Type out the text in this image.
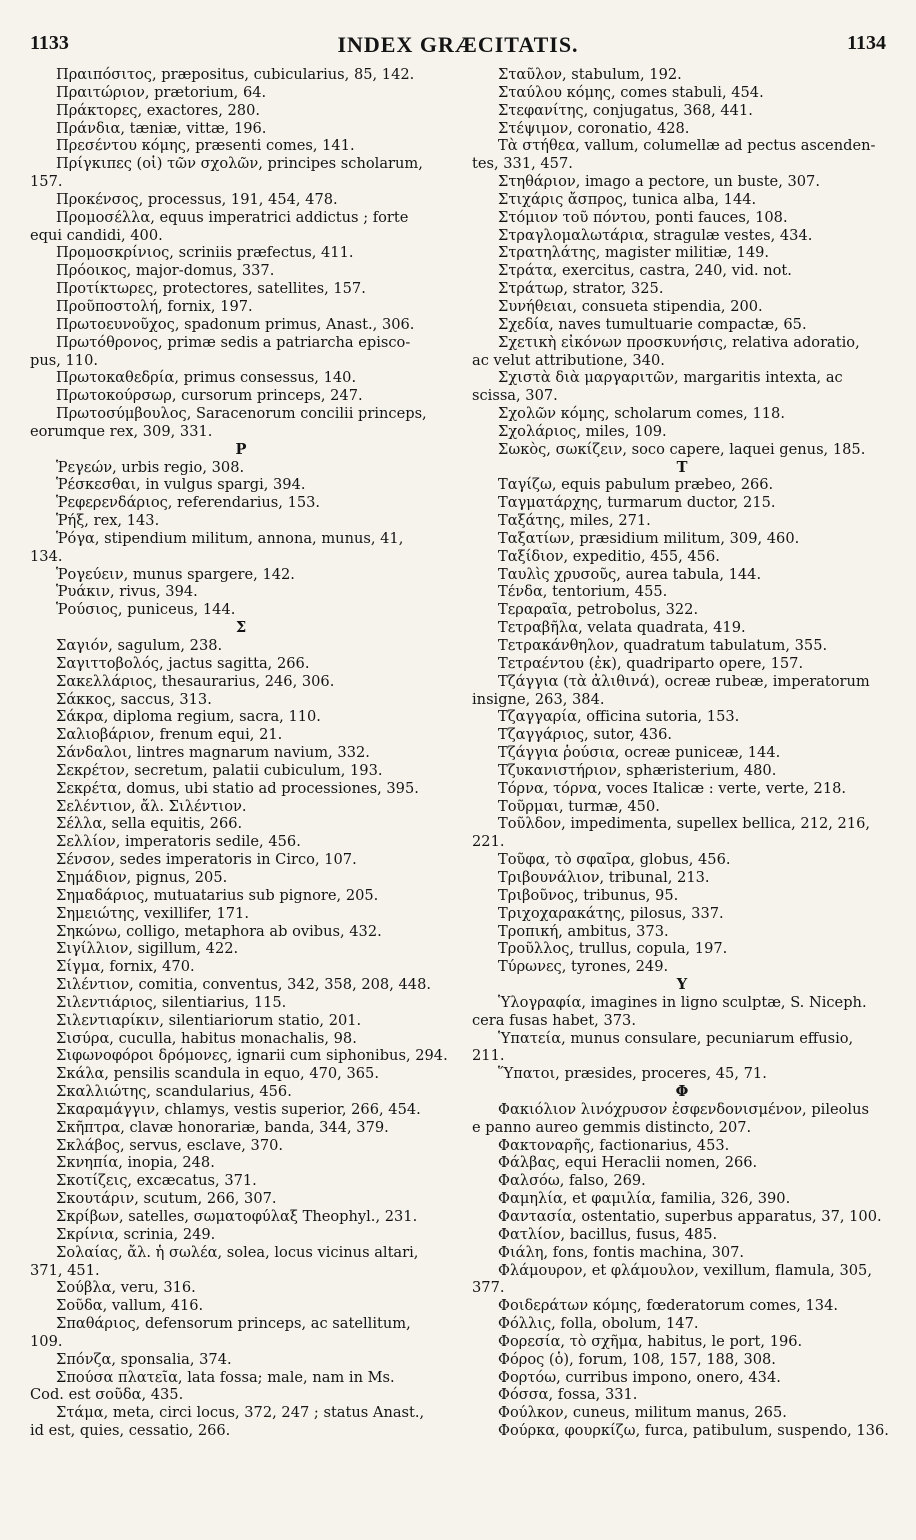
1133	INDEX GRÆCITATIS.	1134
Πραιπόσιτος, præpositus, cubicularius, 85, 142.
Πραιτώριον, prætorium, 64.
Πράκτορες, exactores, 280.
Πράνδια, tæniæ, vittæ, 196.
Πρεσέντου κόμης, præsenti comes, 141.
Πρίγκιπες (οἱ) τῶν σχολῶν, principes scholarum,
157.
Προκένσος, processus, 191, 454, 478.
Προμοσέλλα, equus imperatrici addictus ; forte
equi candidi, 400.
Προμοσκρίνιος, scriniis præfectus, 411.
Πρόοικος, major-domus, 337.
Προτίκτωρες, protectores, satellites, 157.
Προῦποστολή, fornix, 197.
Πρωτοευνοῦχος, spadonum primus, Anast., 306.
Πρωτόθρονος, primæ sedis a patriarcha episco-
pus, 110.
Πρωτοκαθεδρία, primus consessus, 140.
Πρωτοκούρσωρ, cursorum princeps, 247.
Πρωτοσύμβουλος, Saracenorum concilii princeps,
eorumque rex, 309, 331.
P
Ῥεγεών, urbis regio, 308.
Ῥέσκεσθαι, in vulgus spargi, 394.
Ῥεφερενδάριος, referendarius, 153.
Ῥήξ, rex, 143.
Ῥόγα, stipendium militum, annona, munus, 41,
134.
Ῥογεύειν, munus spargere, 142.
Ῥυάκιν, rivus, 394.
Ῥούσιος, puniceus, 144.
Σ
Σαγιόν, sagulum, 238.
Σαγιττοβολός, jactus sagitta, 266.
Σακελλάριος, thesaurarius, 246, 306.
Σάκκος, saccus, 313.
Σάκρα, diploma regium, sacra, 110.
Σαλιοβάριον, frenum equi, 21.
Σάνδαλοι, lintres magnarum navium, 332.
Σεκρέτον, secretum, palatii cubiculum, 193.
Σεκρέτα, domus, ubi statio ad processiones, 395.
Σελέντιον, ἄλ. Σιλέντιον.
Σέλλα, sella equitis, 266.
Σελλίον, imperatoris sedile, 456.
Σένσον, sedes imperatoris in Circo, 107.
Σημάδιον, pignus, 205.
Σημαδάριος, mutuatarius sub pignore, 205.
Σημειώτης, vexillifer, 171.
Σηκώνω, colligo, metaphora ab ovibus, 432.
Σιγίλλιον, sigillum, 422.
Σίγμα, fornix, 470.
Σιλέντιον, comitia, conventus, 342, 358, 208, 448.
Σιλεντιάριος, silentiarius, 115.
Σιλεντιαρίκιν, silentiariorum statio, 201.
Σισύρα, cuculla, habitus monachalis, 98.
Σιφωνοφόροι δρόμονες, ignarii cum siphonibus, 294.
Σκάλα, pensilis scandula in equo, 470, 365.
Σκαλλιώτης, scandularius, 456.
Σκαραμάγγιν, chlamys, vestis superior, 266, 454.
Σκῆπτρα, clavæ honorariæ, banda, 344, 379.
Σκλάβος, servus, esclave, 370.
Σκνηπία, inopia, 248.
Σκοτίζεις, excæcatus, 371.
Σκουτάριν, scutum, 266, 307.
Σκρίβων, satelles, σωματοφύλαξ Theophyl., 231.
Σκρίνια, scrinia, 249.
Σολαίας, ἄλ. ἡ σωλέα, solea, locus vicinus altari,
371, 451.
Σούβλα, veru, 316.
Σοῦδα, vallum, 416.
Σπαθάριος, defensorum princeps, ac satellitum,
109.
Σπόνζα, sponsalia, 374.
Σπούσα πλατεῖα, lata fossa; male, nam in Ms.
Cod. est σοῦδα, 435.
Στάμα, meta, circi locus, 372, 247 ; status Anast.,
id est, quies, cessatio, 266.
Σταῦλον, stabulum, 192.
Σταύλου κόμης, comes stabuli, 454.
Στεφανίτης, conjugatus, 368, 441.
Στέψιμον, coronatio, 428.
Τὰ στήθεα, vallum, columellæ ad pectus ascenden-
tes, 331, 457.
Στηθάριον, imago a pectore, un buste, 307.
Στιχάρις ἄσπρος, tunica alba, 144.
Στόμιον τοῦ πόντου, ponti fauces, 108.
Στραγλομαλωτάρια, stragulæ vestes, 434.
Στρατηλάτης, magister militiæ, 149.
Στράτα, exercitus, castra, 240, vid. not.
Στράτωρ, strator, 325.
Συνήθειαι, consueta stipendia, 200.
Σχεδία, naves tumultuarie compactæ, 65.
Σχετικὴ εἰκόνων προσκυνήσις, relativa adoratio,
ac velut attributione, 340.
Σχιστὰ διὰ μαργαριτῶν, margaritis intexta, ac
scissa, 307.
Σχολῶν κόμης, scholarum comes, 118.
Σχολάριος, miles, 109.
Σωκὸς, σωκίζειν, soco capere, laquei genus, 185.
T
Ταγίζω, equis pabulum præbeo, 266.
Ταγματάρχης, turmarum ductor, 215.
Ταξάτης, miles, 271.
Ταξατίων, præsidium militum, 309, 460.
Ταξίδιον, expeditio, 455, 456.
Ταυλὶς χρυσοῦς, aurea tabula, 144.
Τένδα, tentorium, 455.
Τεραραῖα, petrobolus, 322.
Τετραβῆλα, velata quadrata, 419.
Τετρακάνθηλον, quadratum tabulatum, 355.
Τετραέντου (ἐκ), quadriparto opere, 157.
Τζάγγια (τὰ ἀλιθινά), ocreæ rubeæ, imperatorum
insigne, 263, 384.
Τζαγγαρία, officina sutoria, 153.
Τζαγγάριος, sutor, 436.
Τζάγγια ῥούσια, ocreæ puniceæ, 144.
Τζυκανιστήριον, sphæristerium, 480.
Τόρνα, τόρνα, voces Italicæ : verte, verte, 218.
Τοῦρμαι, turmæ, 450.
Τοῦλδον, impedimenta, supellex bellica, 212, 216,
221.
Τοῦφα, τὸ σφαῖρα, globus, 456.
Τριβουνάλιον, tribunal, 213.
Τριβοῦνος, tribunus, 95.
Τριχοχαρακάτης, pilosus, 337.
Τροπική, ambitus, 373.
Τροῦλλος, trullus, copula, 197.
Τύρωνες, tyrones, 249.
Υ
Ὑλογραφία, imagines in ligno sculptæ, S. Niceph.
cera fusas habet, 373.
Ὑπατεία, munus consulare, pecuniarum effusio,
211.
Ὕπατοι, præsides, proceres, 45, 71.
Φ
Φακιόλιον λινόχρυσον ἐσφενδονισμένον, pileolus
e panno aureo gemmis distincto, 207.
Φακτοναρῆς, factionarius, 453.
Φάλβας, equi Heraclii nomen, 266.
Φαλσόω, falso, 269.
Φαμηλία, et φαμιλία, familia, 326, 390.
Φαντασία, ostentatio, superbus apparatus, 37, 100.
Φατλίον, bacillus, fusus, 485.
Φιάλη, fons, fontis machina, 307.
Φλάμουρον, et φλάμουλον, vexillum, flamula, 305,
377.
Φοιδεράτων κόμης, fœderatorum comes, 134.
Φόλλις, folla, obolum, 147.
Φορεσία, τὸ σχῆμα, habitus, le port, 196.
Φόρος (ὁ), forum, 108, 157, 188, 308.
Φορτόω, curribus impono, onero, 434.
Φόσσα, fossa, 331.
Φούλκον, cuneus, militum manus, 265.
Φούρκα, φουρκίζω, furca, patibulum, suspendo, 136.
